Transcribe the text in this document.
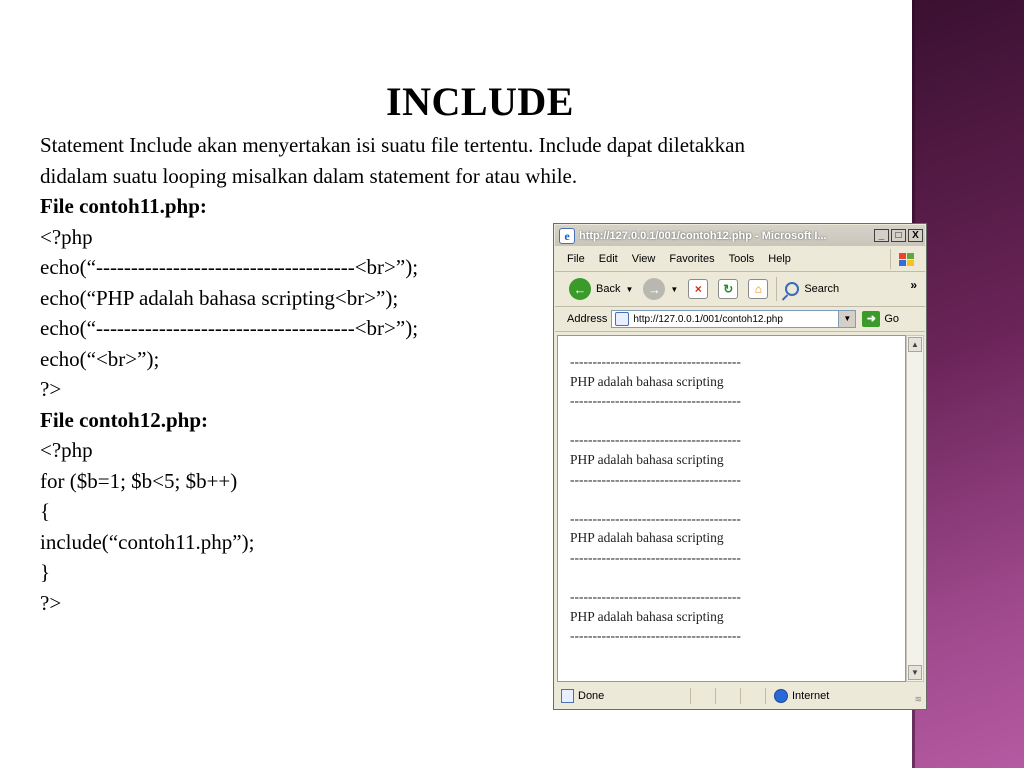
INCLUDE
Statement Include akan menyertakan isi suatu file tertentu. Include dapat diletakkan
didalam suatu looping misalkan dalam statement for atau while.
File contoh11.php:
<?php
echo(“-------------------------------------<br>”);
echo(“PHP adalah bahasa scripting<br>”);
echo(“-------------------------------------<br>”);
echo(“<br>”);
?>
File contoh12.php:
<?php
for ($b=1; $b<5; $b++)
{
include(“contoh11.php”);
}
?>
e http://127.0.0.1/001/contoh12.php - Microsoft I...	_	□	X
File	Edit	View	Favorites	Tools	Help
← Back ▼	→	▼	×	↻	⌂	Search	»
Address	http://127.0.0.1/001/contoh12.php	▼	➜ Go
--------------------------------------
PHP adalah bahasa scripting
--------------------------------------
--------------------------------------
PHP adalah bahasa scripting
--------------------------------------
--------------------------------------
PHP adalah bahasa scripting
--------------------------------------
--------------------------------------
PHP adalah bahasa scripting
--------------------------------------
▲
▼
Done	Internet	≋
